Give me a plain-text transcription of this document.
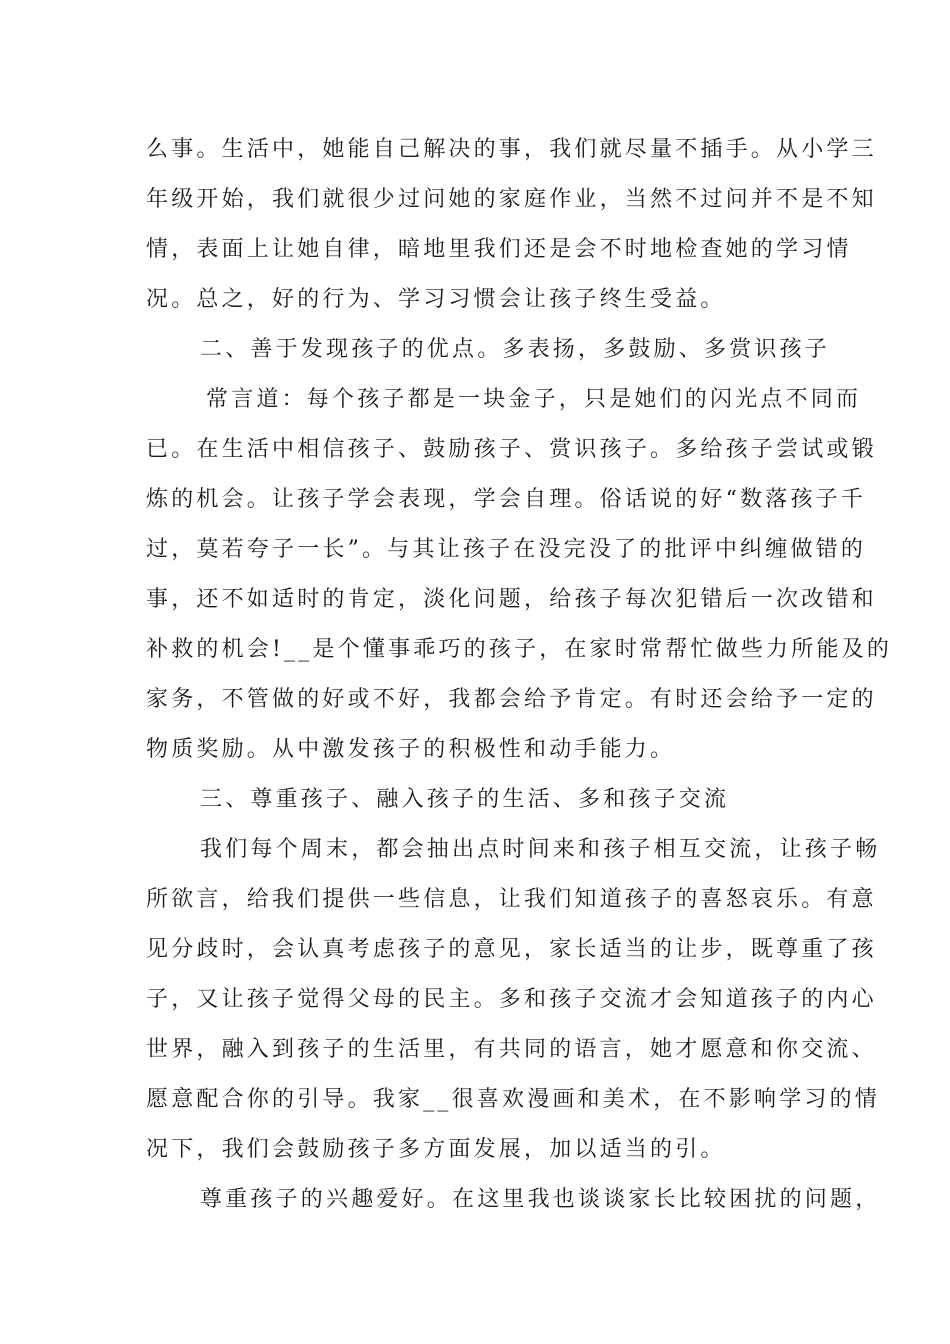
么事。生活中，她能自己解决的事，我们就尽量不插手。从小学三
年级开始，我们就很少过问她的家庭作业，当然不过问并不是不知
情，表面上让她自律，暗地里我们还是会不时地检查她的学习情
况。总之，好的行为、学习习惯会让孩子终生受益。
二、善于发现孩子的优点。多表扬，多鼓励、多赏识孩子
常言道：每个孩子都是一块金子，只是她们的闪光点不同而
已。在生活中相信孩子、鼓励孩子、赏识孩子。多给孩子尝试或锻
炼的机会。让孩子学会表现，学会自理。俗话说的好“数落孩子千
过，莫若夸子一长”。与其让孩子在没完没了的批评中纠缠做错的
事，还不如适时的肯定，淡化问题，给孩子每次犯错后一次改错和
补救的机会!__是个懂事乖巧的孩子，在家时常帮忙做些力所能及的
家务，不管做的好或不好，我都会给予肯定。有时还会给予一定的
物质奖励。从中激发孩子的积极性和动手能力。
三、尊重孩子、融入孩子的生活、多和孩子交流
我们每个周末，都会抽出点时间来和孩子相互交流，让孩子畅
所欲言，给我们提供一些信息，让我们知道孩子的喜怒哀乐。有意
见分歧时，会认真考虑孩子的意见，家长适当的让步，既尊重了孩
子，又让孩子觉得父母的民主。多和孩子交流才会知道孩子的内心
世界，融入到孩子的生活里，有共同的语言，她才愿意和你交流、
愿意配合你的引导。我家__很喜欢漫画和美术，在不影响学习的情
况下，我们会鼓励孩子多方面发展，加以适当的引。
尊重孩子的兴趣爱好。在这里我也谈谈家长比较困扰的问题，
